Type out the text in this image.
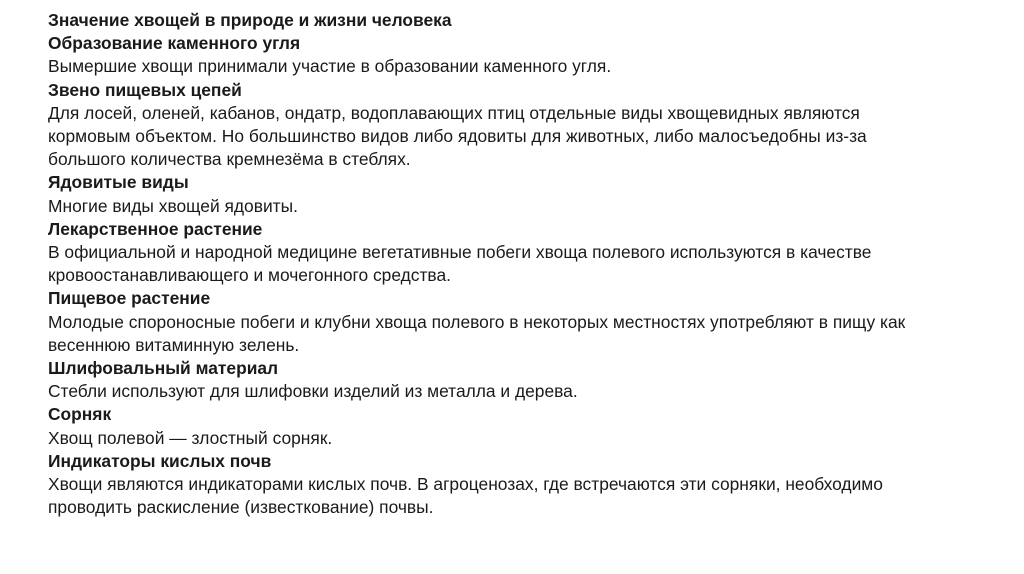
Значение хвощей в природе и жизни человека
Образование каменного угля
Вымершие хвощи принимали участие в образовании каменного угля.
Звено пищевых цепей
Для лосей, оленей, кабанов, ондатр, водоплавающих птиц отдельные виды хвощевидных являются
кормовым объектом. Но большинство видов либо ядовиты для животных, либо малосъедобны из-за
большого количества кремнезёма в стеблях.
Ядовитые виды
Многие виды хвощей ядовиты.
Лекарственное растение
В официальной и народной медицине вегетативные побеги хвоща полевого используются в качестве
кровоостанавливающего и мочегонного средства.
Пищевое растение
Молодые спороносные побеги и клубни хвоща полевого в некоторых местностях употребляют в пищу как
весеннюю витаминную зелень.
Шлифовальный материал
Стебли используют для шлифовки изделий из металла и дерева.
Сорняк
Хвощ полевой — злостный сорняк.
Индикаторы кислых почв
Хвощи являются индикаторами кислых почв. В агроценозах, где встречаются эти сорняки, необходимо
проводить раскисление (известкование) почвы.
